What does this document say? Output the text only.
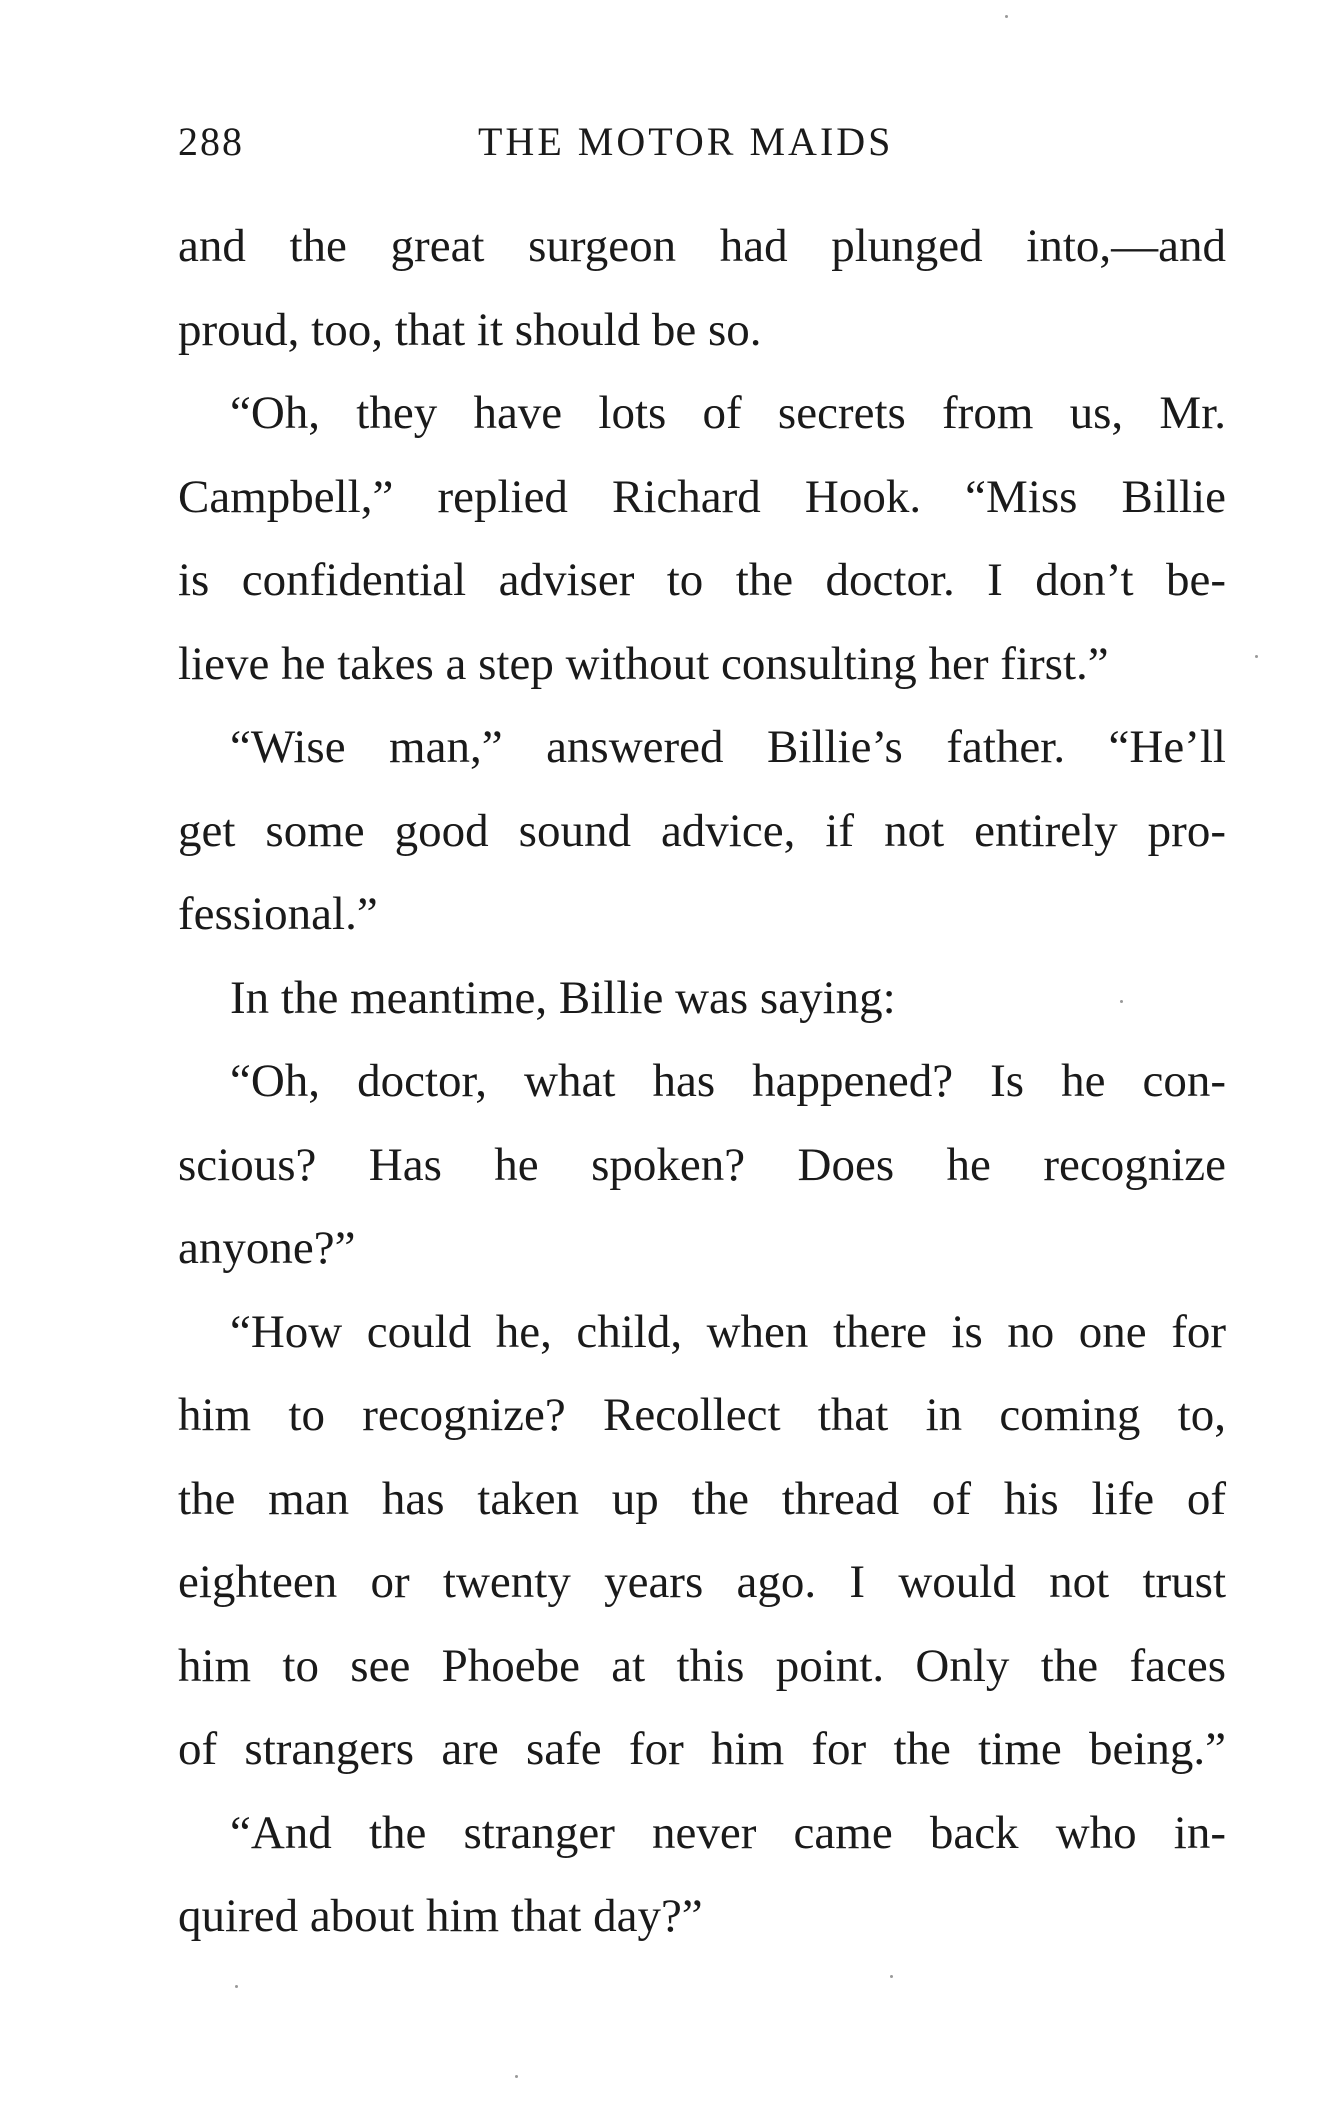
288	THE MOTOR MAIDS
and the great surgeon had plunged into,—and
proud, too, that it should be so.
“Oh, they have lots of secrets from us, Mr.
Campbell,” replied Richard Hook. “Miss Billie
is confidential adviser to the doctor. I don’t be-
lieve he takes a step without consulting her first.”
“Wise man,” answered Billie’s father. “He’ll
get some good sound advice, if not entirely pro-
fessional.”
In the meantime, Billie was saying:
“Oh, doctor, what has happened? Is he con-
scious? Has he spoken? Does he recognize
anyone?”
“How could he, child, when there is no one for
him to recognize? Recollect that in coming to,
the man has taken up the thread of his life of
eighteen or twenty years ago. I would not trust
him to see Phoebe at this point. Only the faces
of strangers are safe for him for the time being.”
“And the stranger never came back who in-
quired about him that day?”
